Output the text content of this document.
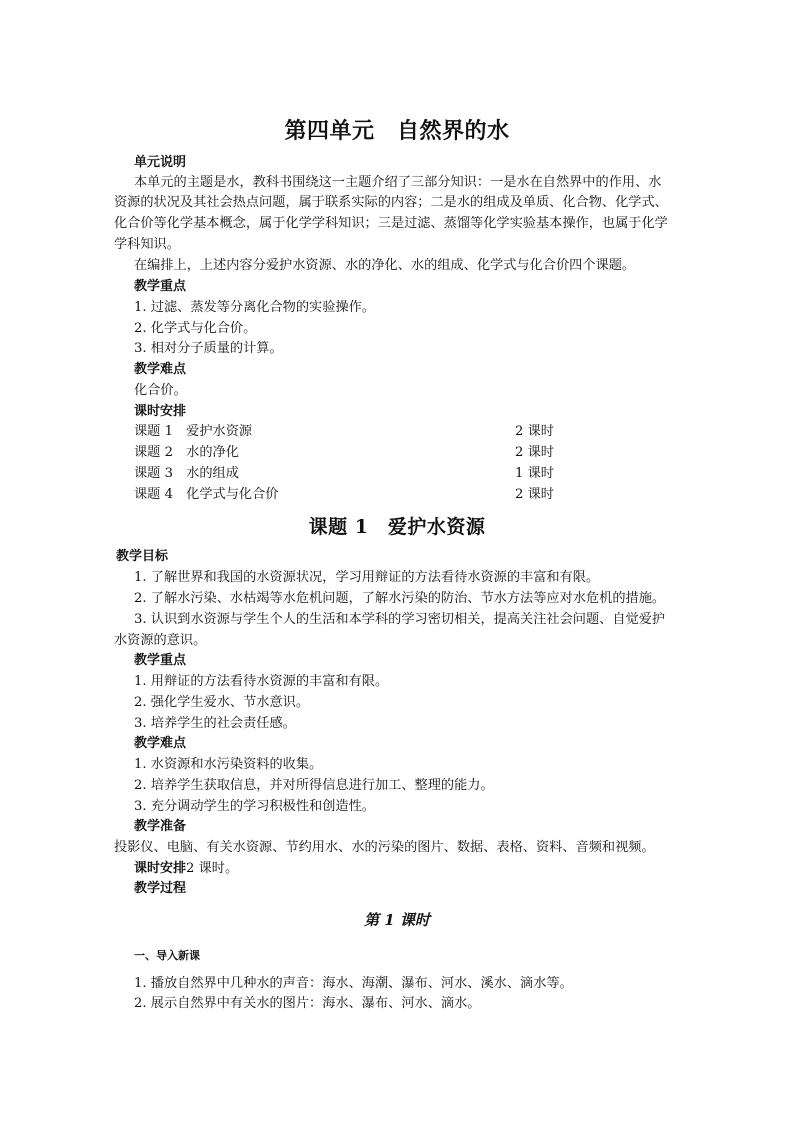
第四单元　自然界的水
单元说明
本单元的主题是水，教科书围绕这一主题介绍了三部分知识：一是水在自然界中的作用、水
资源的状况及其社会热点问题，属于联系实际的内容；二是水的组成及单质、化合物、化学式、
化合价等化学基本概念，属于化学学科知识；三是过滤、蒸馏等化学实验基本操作，也属于化学
学科知识。
在编排上，上述内容分爱护水资源、水的净化、水的组成、化学式与化合价四个课题。
教学重点
1. 过滤、蒸发等分离化合物的实验操作。
2. 化学式与化合价。
3. 相对分子质量的计算。
教学难点
化合价。
课时安排
课题 1　爱护水资源	2 课时
课题 2　水的净化	2 课时
课题 3　水的组成	1 课时
课题 4　化学式与化合价	2 课时
课题 1　爱护水资源
教学目标
1. 了解世界和我国的水资源状况，学习用辩证的方法看待水资源的丰富和有限。
2. 了解水污染、水枯竭等水危机问题，了解水污染的防治、节水方法等应对水危机的措施。
3. 认识到水资源与学生个人的生活和本学科的学习密切相关，提高关注社会问题、自觉爱护
水资源的意识。
教学重点
1. 用辩证的方法看待水资源的丰富和有限。
2. 强化学生爱水、节水意识。
3. 培养学生的社会责任感。
教学难点
1. 水资源和水污染资料的收集。
2. 培养学生获取信息，并对所得信息进行加工、整理的能力。
3. 充分调动学生的学习积极性和创造性。
教学准备
投影仪、电脑、有关水资源、节约用水、水的污染的图片、数据、表格、资料、音频和视频。
课时安排2 课时。
教学过程
第 1 课时
一、导入新课
1. 播放自然界中几种水的声音：海水、海潮、瀑布、河水、溪水、滴水等。
2. 展示自然界中有关水的图片：海水、瀑布、河水、滴水。
